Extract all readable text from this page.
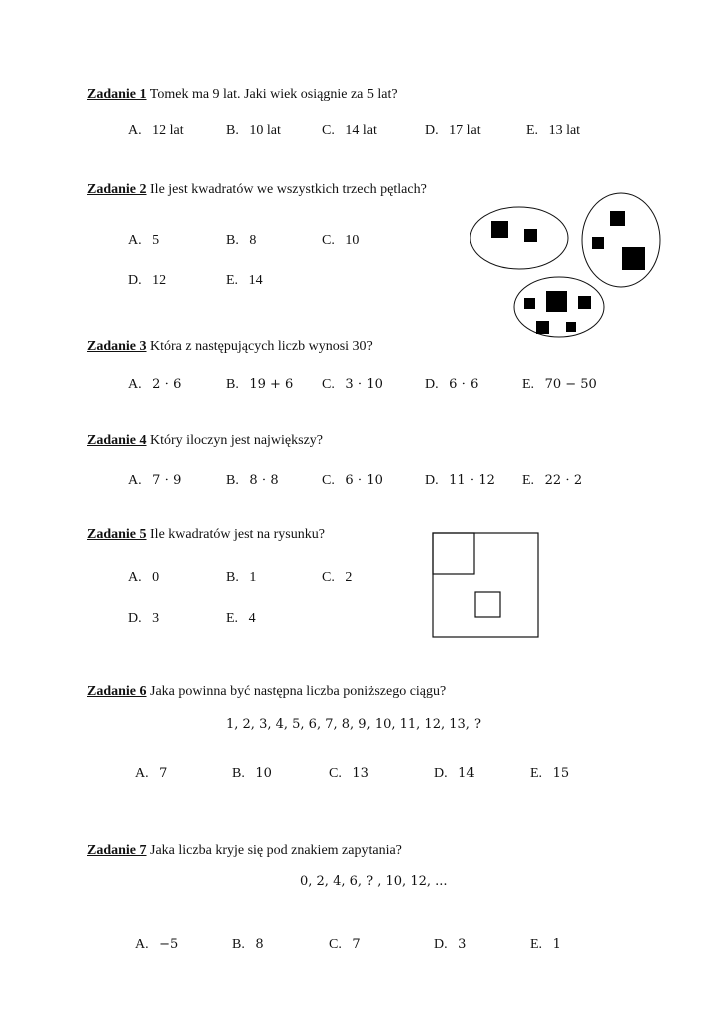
Zadanie 1 Tomek ma 9 lat. Jaki wiek osiągnie za 5 lat?
A. 12 lat	B. 10 lat	C. 14 lat	D. 17 lat	E. 13 lat
Zadanie 2 Ile jest kwadratów we wszystkich trzech pętlach?
A. 5	B. 8	C. 10
D. 12	E. 14
Zadanie 3 Która z następujących liczb wynosi 30?
A. 2 ⋅ 6	B. 19 + 6 C. 3 ⋅ 10	D. 6 ⋅ 6	E. 70 − 50
Zadanie 4 Który iloczyn jest największy?
A. 7 ⋅ 9	B. 8 ⋅ 8	C. 6 ⋅ 10	D. 11 ⋅ 12 E. 22 ⋅ 2
Zadanie 5 Ile kwadratów jest na rysunku?
A. 0	B. 1	C. 2
D. 3	E. 4
Zadanie 6 Jaka powinna być następna liczba poniższego ciągu?
1, 2, 3, 4, 5, 6, 7, 8, 9, 10, 11, 12, 13, ?
A. 7	B. 10	C. 13	D. 14	E. 15
Zadanie 7 Jaka liczba kryje się pod znakiem zapytania?
0, 2, 4, 6, ? , 10, 12, ...
A. −5	B. 8	C. 7	D. 3	E. 1
